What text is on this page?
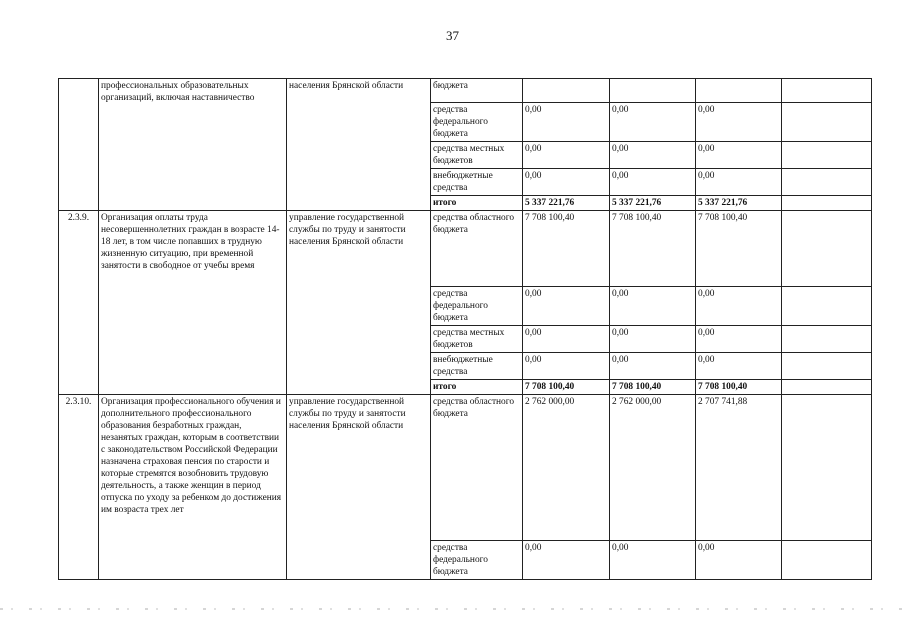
37
	профессиональных образовательных организаций, включая наставничество	населения Брянской области	бюджета				
			средства федерального бюджета	0,00	0,00	0,00	
			средства местных бюджетов	0,00	0,00	0,00	
			внебюджетные средства	0,00	0,00	0,00	
			итого	5 337 221,76	5 337 221,76	5 337 221,76	
2.3.9.	Организация оплаты труда несовершеннолетних граждан в возрасте 14-18 лет, в том числе попавших в трудную жизненную ситуацию, при временной занятости в свободное от учебы время	управление государственной службы по труду и занятости населения Брянской области	средства областного бюджета	7 708 100,40	7 708 100,40	7 708 100,40	
			средства федерального бюджета	0,00	0,00	0,00	
			средства местных бюджетов	0,00	0,00	0,00	
			внебюджетные средства	0,00	0,00	0,00	
			итого	7 708 100,40	7 708 100,40	7 708 100,40	
2.3.10.	Организация профессионального обучения и дополнительного профессионального образования безработных граждан, незанятых граждан, которым в соответствии с законодательством Российской Федерации назначена страховая пенсия по старости и которые стремятся возобновить трудовую деятельность, а также женщин в период отпуска по уходу за ребенком до достижения им возраста трех лет	управление государственной службы по труду и занятости населения Брянской области	средства областного бюджета	2 762 000,00	2 762 000,00	2 707 741,88	
			средства федерального бюджета	0,00	0,00	0,00	
